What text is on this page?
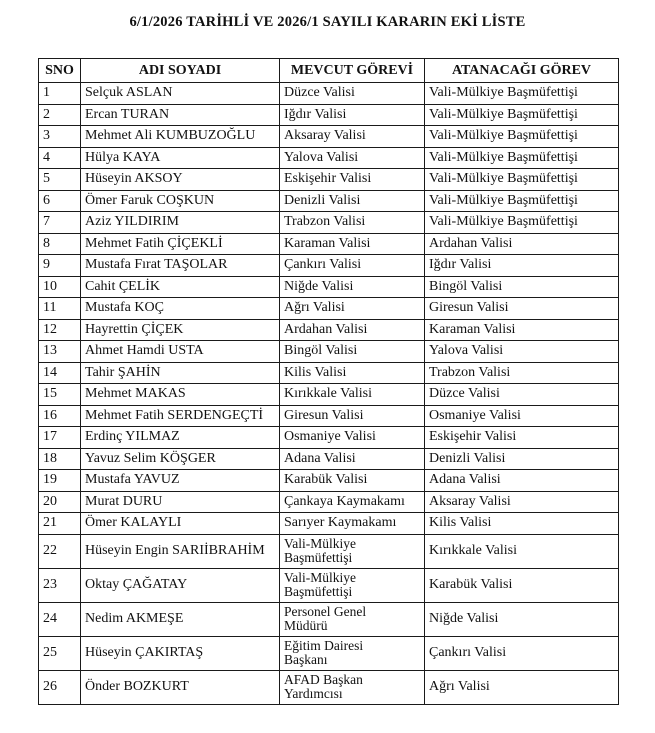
6/1/2026 TARİHLİ VE 2026/1 SAYILI KARARIN EKİ LİSTE
SNO	ADI SOYADI	MEVCUT GÖREVİ	ATANACAĞI GÖREV
1	Selçuk ASLAN	Düzce Valisi	Vali-Mülkiye Başmüfettişi
2	Ercan TURAN	Iğdır Valisi	Vali-Mülkiye Başmüfettişi
3	Mehmet Ali KUMBUZOĞLU	Aksaray Valisi	Vali-Mülkiye Başmüfettişi
4	Hülya KAYA	Yalova Valisi	Vali-Mülkiye Başmüfettişi
5	Hüseyin AKSOY	Eskişehir Valisi	Vali-Mülkiye Başmüfettişi
6	Ömer Faruk COŞKUN	Denizli Valisi	Vali-Mülkiye Başmüfettişi
7	Aziz YILDIRIM	Trabzon Valisi	Vali-Mülkiye Başmüfettişi
8	Mehmet Fatih ÇİÇEKLİ	Karaman Valisi	Ardahan Valisi
9	Mustafa Fırat TAŞOLAR	Çankırı Valisi	Iğdır Valisi
10	Cahit ÇELİK	Niğde Valisi	Bingöl Valisi
11	Mustafa KOÇ	Ağrı Valisi	Giresun Valisi
12	Hayrettin ÇİÇEK	Ardahan Valisi	Karaman Valisi
13	Ahmet Hamdi USTA	Bingöl Valisi	Yalova Valisi
14	Tahir ŞAHİN	Kilis Valisi	Trabzon Valisi
15	Mehmet MAKAS	Kırıkkale Valisi	Düzce Valisi
16	Mehmet Fatih SERDENGEÇTİ	Giresun Valisi	Osmaniye Valisi
17	Erdinç YILMAZ	Osmaniye Valisi	Eskişehir Valisi
18	Yavuz Selim KÖŞGER	Adana Valisi	Denizli Valisi
19	Mustafa YAVUZ	Karabük Valisi	Adana Valisi
20	Murat DURU	Çankaya Kaymakamı	Aksaray Valisi
21	Ömer KALAYLI	Sarıyer Kaymakamı	Kilis Valisi
22	Hüseyin Engin SARIİBRAHİM	Vali-Mülkiye
Başmüfettişi	Kırıkkale Valisi
23	Oktay ÇAĞATAY	Vali-Mülkiye
Başmüfettişi	Karabük Valisi
24	Nedim AKMEŞE	Personel Genel
Müdürü	Niğde Valisi
25	Hüseyin ÇAKIRTAŞ	Eğitim Dairesi
Başkanı	Çankırı Valisi
26	Önder BOZKURT	AFAD Başkan
Yardımcısı	Ağrı Valisi
